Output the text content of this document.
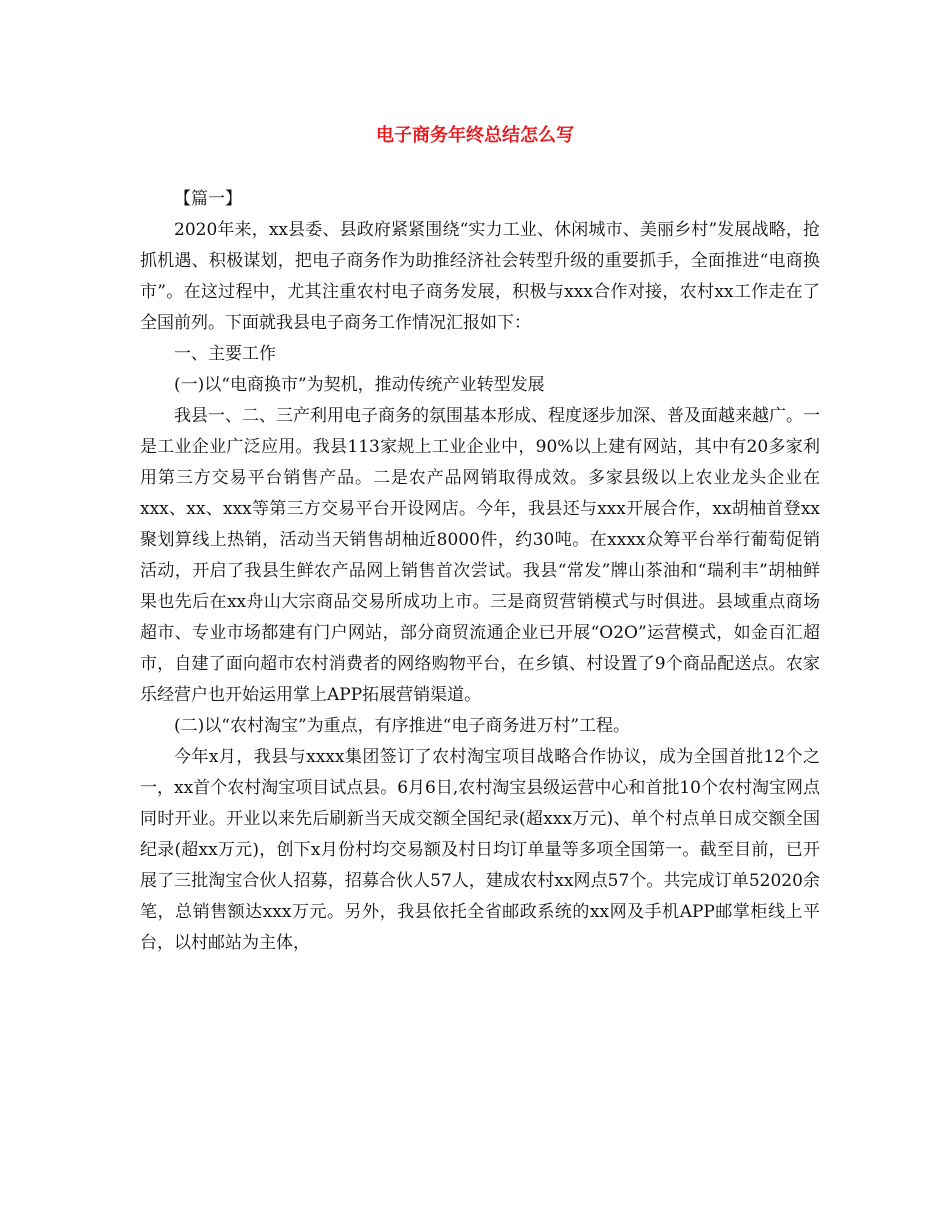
电子商务年终总结怎么写

【篇一】

2020年来，xx县委、县政府紧紧围绕“实力工业、休闲城市、美丽乡村”发展战略，抢抓机遇、积极谋划，把电子商务作为助推经济社会转型升级的重要抓手，全面推进“电商换市”。在这过程中，尤其注重农村电子商务发展，积极与xxx合作对接，农村xx工作走在了全国前列。下面就我县电子商务工作情况汇报如下：

一、主要工作

(一)以“电商换市”为契机，推动传统产业转型发展

我县一、二、三产利用电子商务的氛围基本形成、程度逐步加深、普及面越来越广。一是工业企业广泛应用。我县113家规上工业企业中，90%以上建有网站，其中有20多家利用第三方交易平台销售产品。二是农产品网销取得成效。多家县级以上农业龙头企业在xxx、xx、xxx等第三方交易平台开设网店。今年，我县还与xxx开展合作，xx胡柚首登xx聚划算线上热销，活动当天销售胡柚近8000件，约30吨。在xxxx众筹平台举行葡萄促销活动，开启了我县生鲜农产品网上销售首次尝试。我县“常发”牌山茶油和“瑞利丰”胡柚鲜果也先后在xx舟山大宗商品交易所成功上市。三是商贸营销模式与时俱进。县域重点商场超市、专业市场都建有门户网站，部分商贸流通企业已开展“O2O”运营模式，如金百汇超市，自建了面向超市农村消费者的网络购物平台，在乡镇、村设置了9个商品配送点。农家乐经营户也开始运用掌上APP拓展营销渠道。

(二)以“农村淘宝”为重点，有序推进“电子商务进万村”工程。

今年x月，我县与xxxx集团签订了农村淘宝项目战略合作协议，成为全国首批12个之一，xx首个农村淘宝项目试点县。6月6日,农村淘宝县级运营中心和首批10个农村淘宝网点同时开业。开业以来先后刷新当天成交额全国纪录(超xxx万元)、单个村点单日成交额全国纪录(超xx万元)，创下x月份村均交易额及村日均订单量等多项全国第一。截至目前，已开展了三批淘宝合伙人招募，招募合伙人57人，建成农村xx网点57个。共完成订单52020余笔，总销售额达xxx万元。另外，我县依托全省邮政系统的xx网及手机APP邮掌柜线上平台，以村邮站为主体，
